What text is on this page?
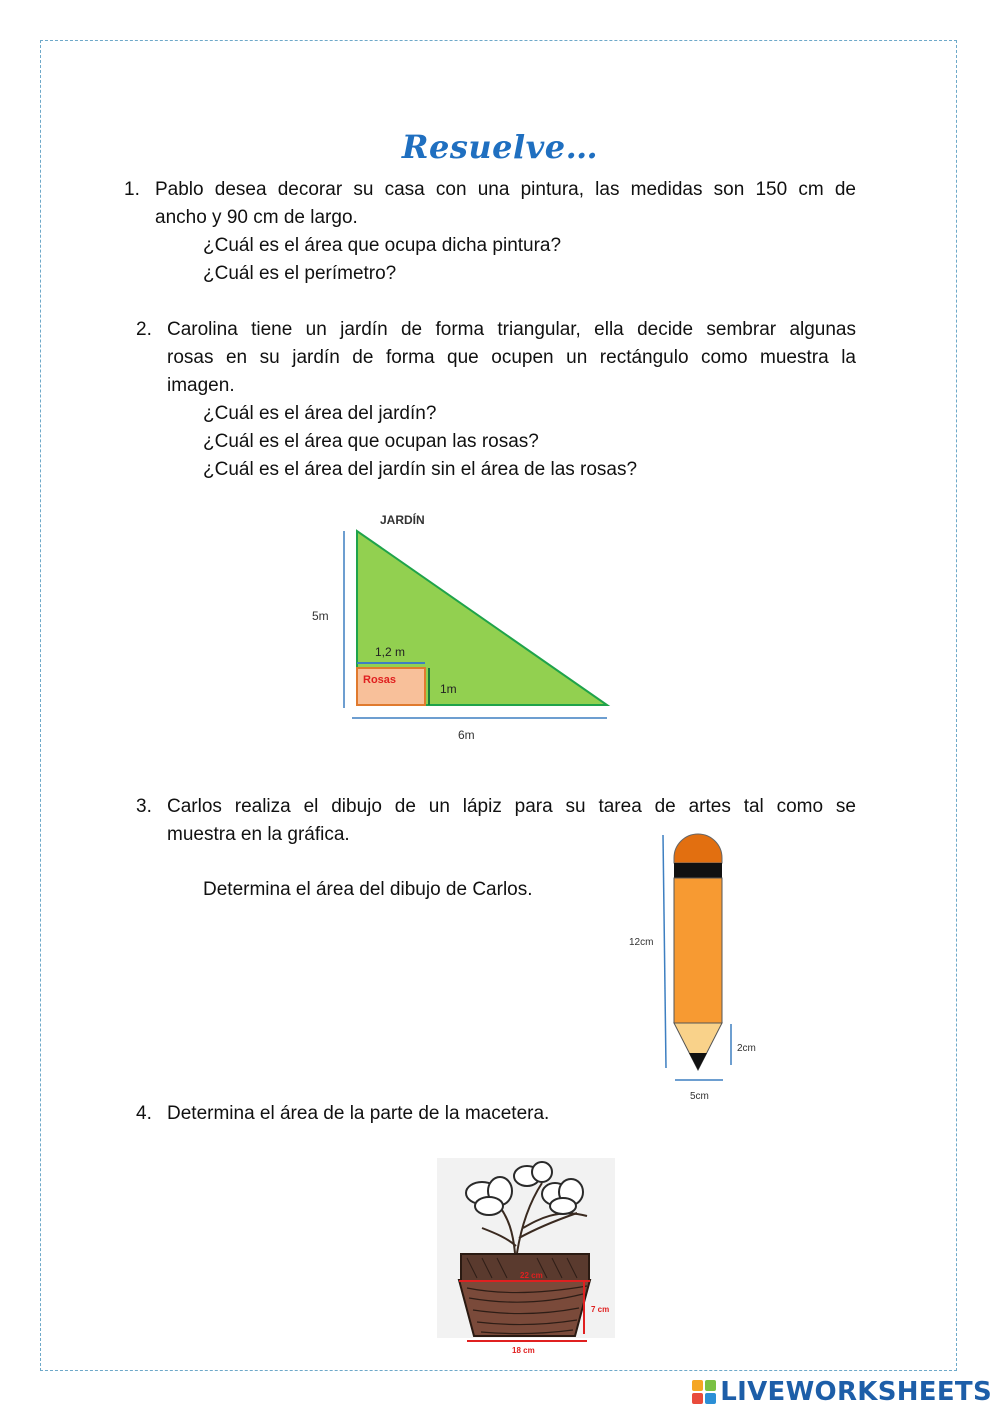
Resuelve…
1. Pablo desea decorar su casa con una pintura, las medidas son 150 cm de
ancho y 90 cm de largo.
¿Cuál es el área que ocupa dicha pintura?
¿Cuál es el perímetro?
2. Carolina tiene un jardín de forma triangular, ella decide sembrar algunas
rosas en su jardín de forma que ocupen un rectángulo como muestra la
imagen.
¿Cuál es el área del jardín?
¿Cuál es el área que ocupan las rosas?
¿Cuál es el área del jardín sin el área de las rosas?
JARDÍN
5m
1,2 m
Rosas
1m
6m
3. Carlos realiza el dibujo de un lápiz para su tarea de artes tal como se
muestra en la gráfica.
Determina el área del dibujo de Carlos.
12cm
2cm
5cm
4. Determina el área de la parte de la macetera.
22 cm
7 cm
18 cm
LIVEWORKSHEETS
